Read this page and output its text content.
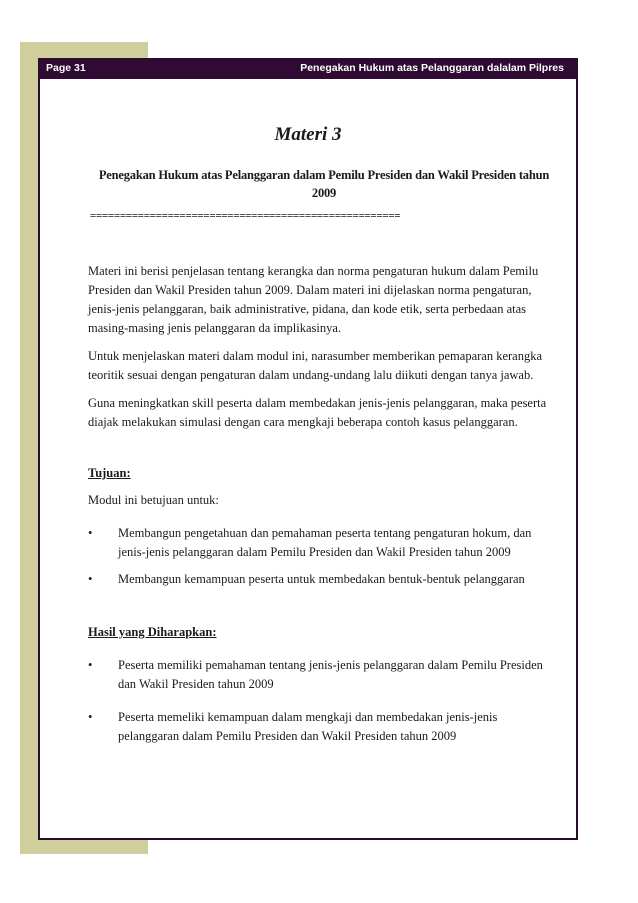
Page 31	Penegakan Hukum atas Pelanggaran dalalam Pilpres
Materi 3
Penegakan Hukum atas Pelanggaran dalam Pemilu Presiden dan Wakil Presiden tahun 2009
====================================================

Materi ini berisi penjelasan tentang kerangka dan norma pengaturan hukum dalam Pemilu Presiden dan Wakil Presiden tahun 2009. Dalam materi ini dijelaskan norma pengaturan, jenis-jenis pelanggaran, baik administrative, pidana, dan kode etik, serta perbedaan atas masing-masing jenis pelanggaran da implikasinya.

Untuk menjelaskan materi dalam modul ini, narasumber memberikan pemaparan kerangka teoritik sesuai dengan pengaturan dalam undang-undang lalu diikuti dengan tanya jawab.

Guna meningkatkan skill peserta dalam membedakan jenis-jenis pelanggaran, maka peserta diajak melakukan simulasi dengan cara mengkaji beberapa contoh kasus pelanggaran.

Tujuan:

Modul ini betujuan untuk:

•	Membangun pengetahuan dan pemahaman peserta tentang pengaturan hokum, dan jenis-jenis pelanggaran dalam Pemilu Presiden dan Wakil Presiden tahun 2009
•	Membangun kemampuan peserta untuk membedakan bentuk-bentuk pelanggaran
Hasil yang Diharapkan:
•	Peserta memiliki pemahaman tentang jenis-jenis pelanggaran dalam Pemilu Presiden dan Wakil Presiden tahun 2009
•	Peserta memeliki kemampuan dalam mengkaji dan membedakan jenis-jenis pelanggaran dalam Pemilu Presiden dan Wakil Presiden tahun 2009
